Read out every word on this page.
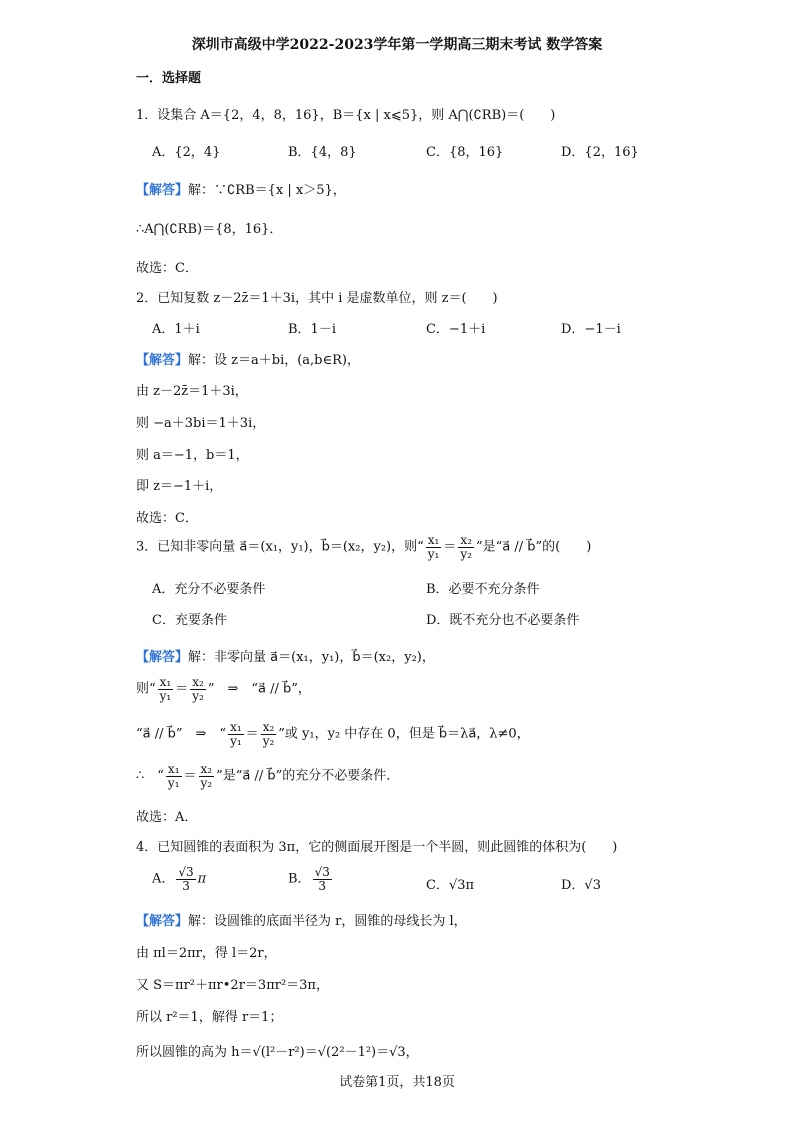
深圳市高级中学2022-2023学年第一学期高三期末考试 数学答案
一．选择题
1．设集合 A＝{2，4，8，16}，B＝{x | x⩽5}，则 A⋂(∁RB)＝(　　)
A．{2，4}	B．{4，8}	C．{8，16}	D．{2，16}
【解答】解：∵∁RB＝{x | x＞5}，
∴A⋂(∁RB)＝{8，16}．
故选：C．
2．已知复数 z－2z̄＝1＋3i，其中 i 是虚数单位，则 z＝(　　)
A．1＋i	B．1－i	C．−1＋i	D．−1－i
【解答】解：设 z＝a＋bi，(a,b∈R)，
由 z－2z̄＝1＋3i，
则 −a＋3bi＝1＋3i，
则 a＝−1，b＝1，
即 z＝−1＋i，
故选：C．
3．已知非零向量 a⃗＝(x₁，y₁)，b⃗＝(x₂，y₂)，则“ $\frac{\text{x₁}}{\text{y₁}} = \frac{\text{x₂}}{\text{y₂}}$ ”是“a⃗ // b⃗”的(　　)
A．充分不必要条件	B．必要不充分条件
C．充要条件	D．既不充分也不必要条件
【解答】解：非零向量 a⃗＝(x₁，y₁)，b⃗＝(x₂，y₂)，
则“ $\frac{\text{x₁}}{\text{y₁}} = \frac{\text{x₂}}{\text{y₂}}$ ”　⇒　“a⃗ // b⃗”，
“a⃗ // b⃗”　⇒　“ $\frac{\text{x₁}}{\text{y₁}} = \frac{\text{x₂}}{\text{y₂}}$ ”或 y₁，y₂ 中存在 0，但是 b⃗＝λa⃗，λ≠0，
∴　“ $\frac{\text{x₁}}{\text{y₁}} = \frac{\text{x₂}}{\text{y₂}}$ ”是“a⃗ // b⃗”的充分不必要条件．
故选：A．
4．已知圆锥的表面积为 3π，它的侧面展开图是一个半圆，则此圆锥的体积为(　　)
A． $\frac{√3}{3}$ π	B． $\frac{√3}{3}$	C．√3π	D．√3
【解答】解：设圆锥的底面半径为 r，圆锥的母线长为 l，
由 πl＝2πr，得 l＝2r，
又 S＝πr²＋πr•2r＝3πr²＝3π，
所以 r²＝1，解得 r＝1；
所以圆锥的高为 h＝√(l²－r²)＝√(2²－1²)＝√3，
试卷第1页，共18页
